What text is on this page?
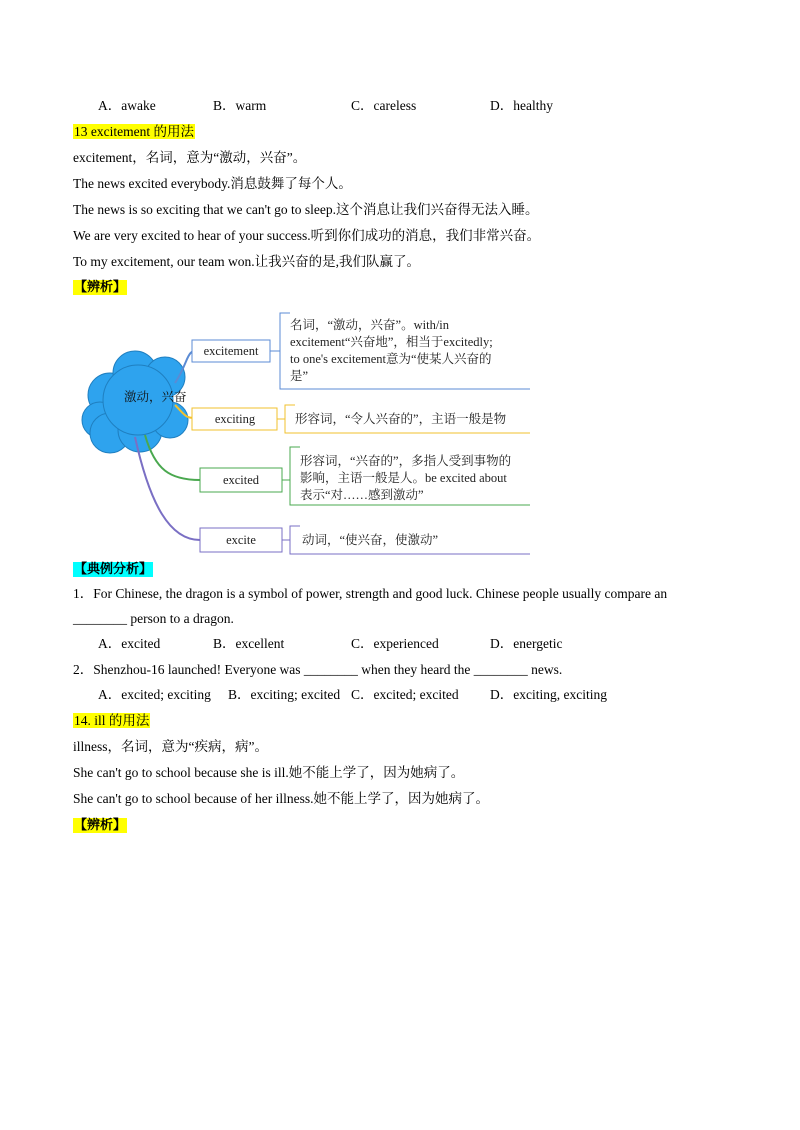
A．awake	B．warm	C．careless	D．healthy
13 excitement 的用法
excitement，名词，意为“激动，兴奋”。
The news excited everybody.消息鼓舞了每个人。
The news is so exciting that we can't go to sleep.这个消息让我们兴奋得无法入睡。
We are very excited to hear of your success.听到你们成功的消息，我们非常兴奋。
To my excitement, our team won.让我兴奋的是,我们队赢了。
【辨析】
激动，兴奋
excitement
名词，“激动，兴奋”。with/in
excitement“兴奋地”，相当于excitedly;
to one's excitement意为“使某人兴奋的
是”
exciting	形容词，“令人兴奋的”，主语一般是物
excited
形容词，“兴奋的”，多指人受到事物的
影响，主语一般是人。be excited about
表示“对……感到激动”
excite	动词，“使兴奋，使激动”
【典例分析】
1．For Chinese, the dragon is a symbol of power, strength and good luck. Chinese people usually compare an
________ person to a dragon.
A．excited	B．excellent	C．experienced	D．energetic
2．Shenzhou-16 launched! Everyone was ________ when they heard the ________ news.
A．excited; exciting B．exciting; excited C．excited; excited D．exciting, exciting
14. ill 的用法
illness，名词，意为“疾病，病”。
She can't go to school because she is ill.她不能上学了，因为她病了。
She can't go to school because of her illness.她不能上学了，因为她病了。
【辨析】
